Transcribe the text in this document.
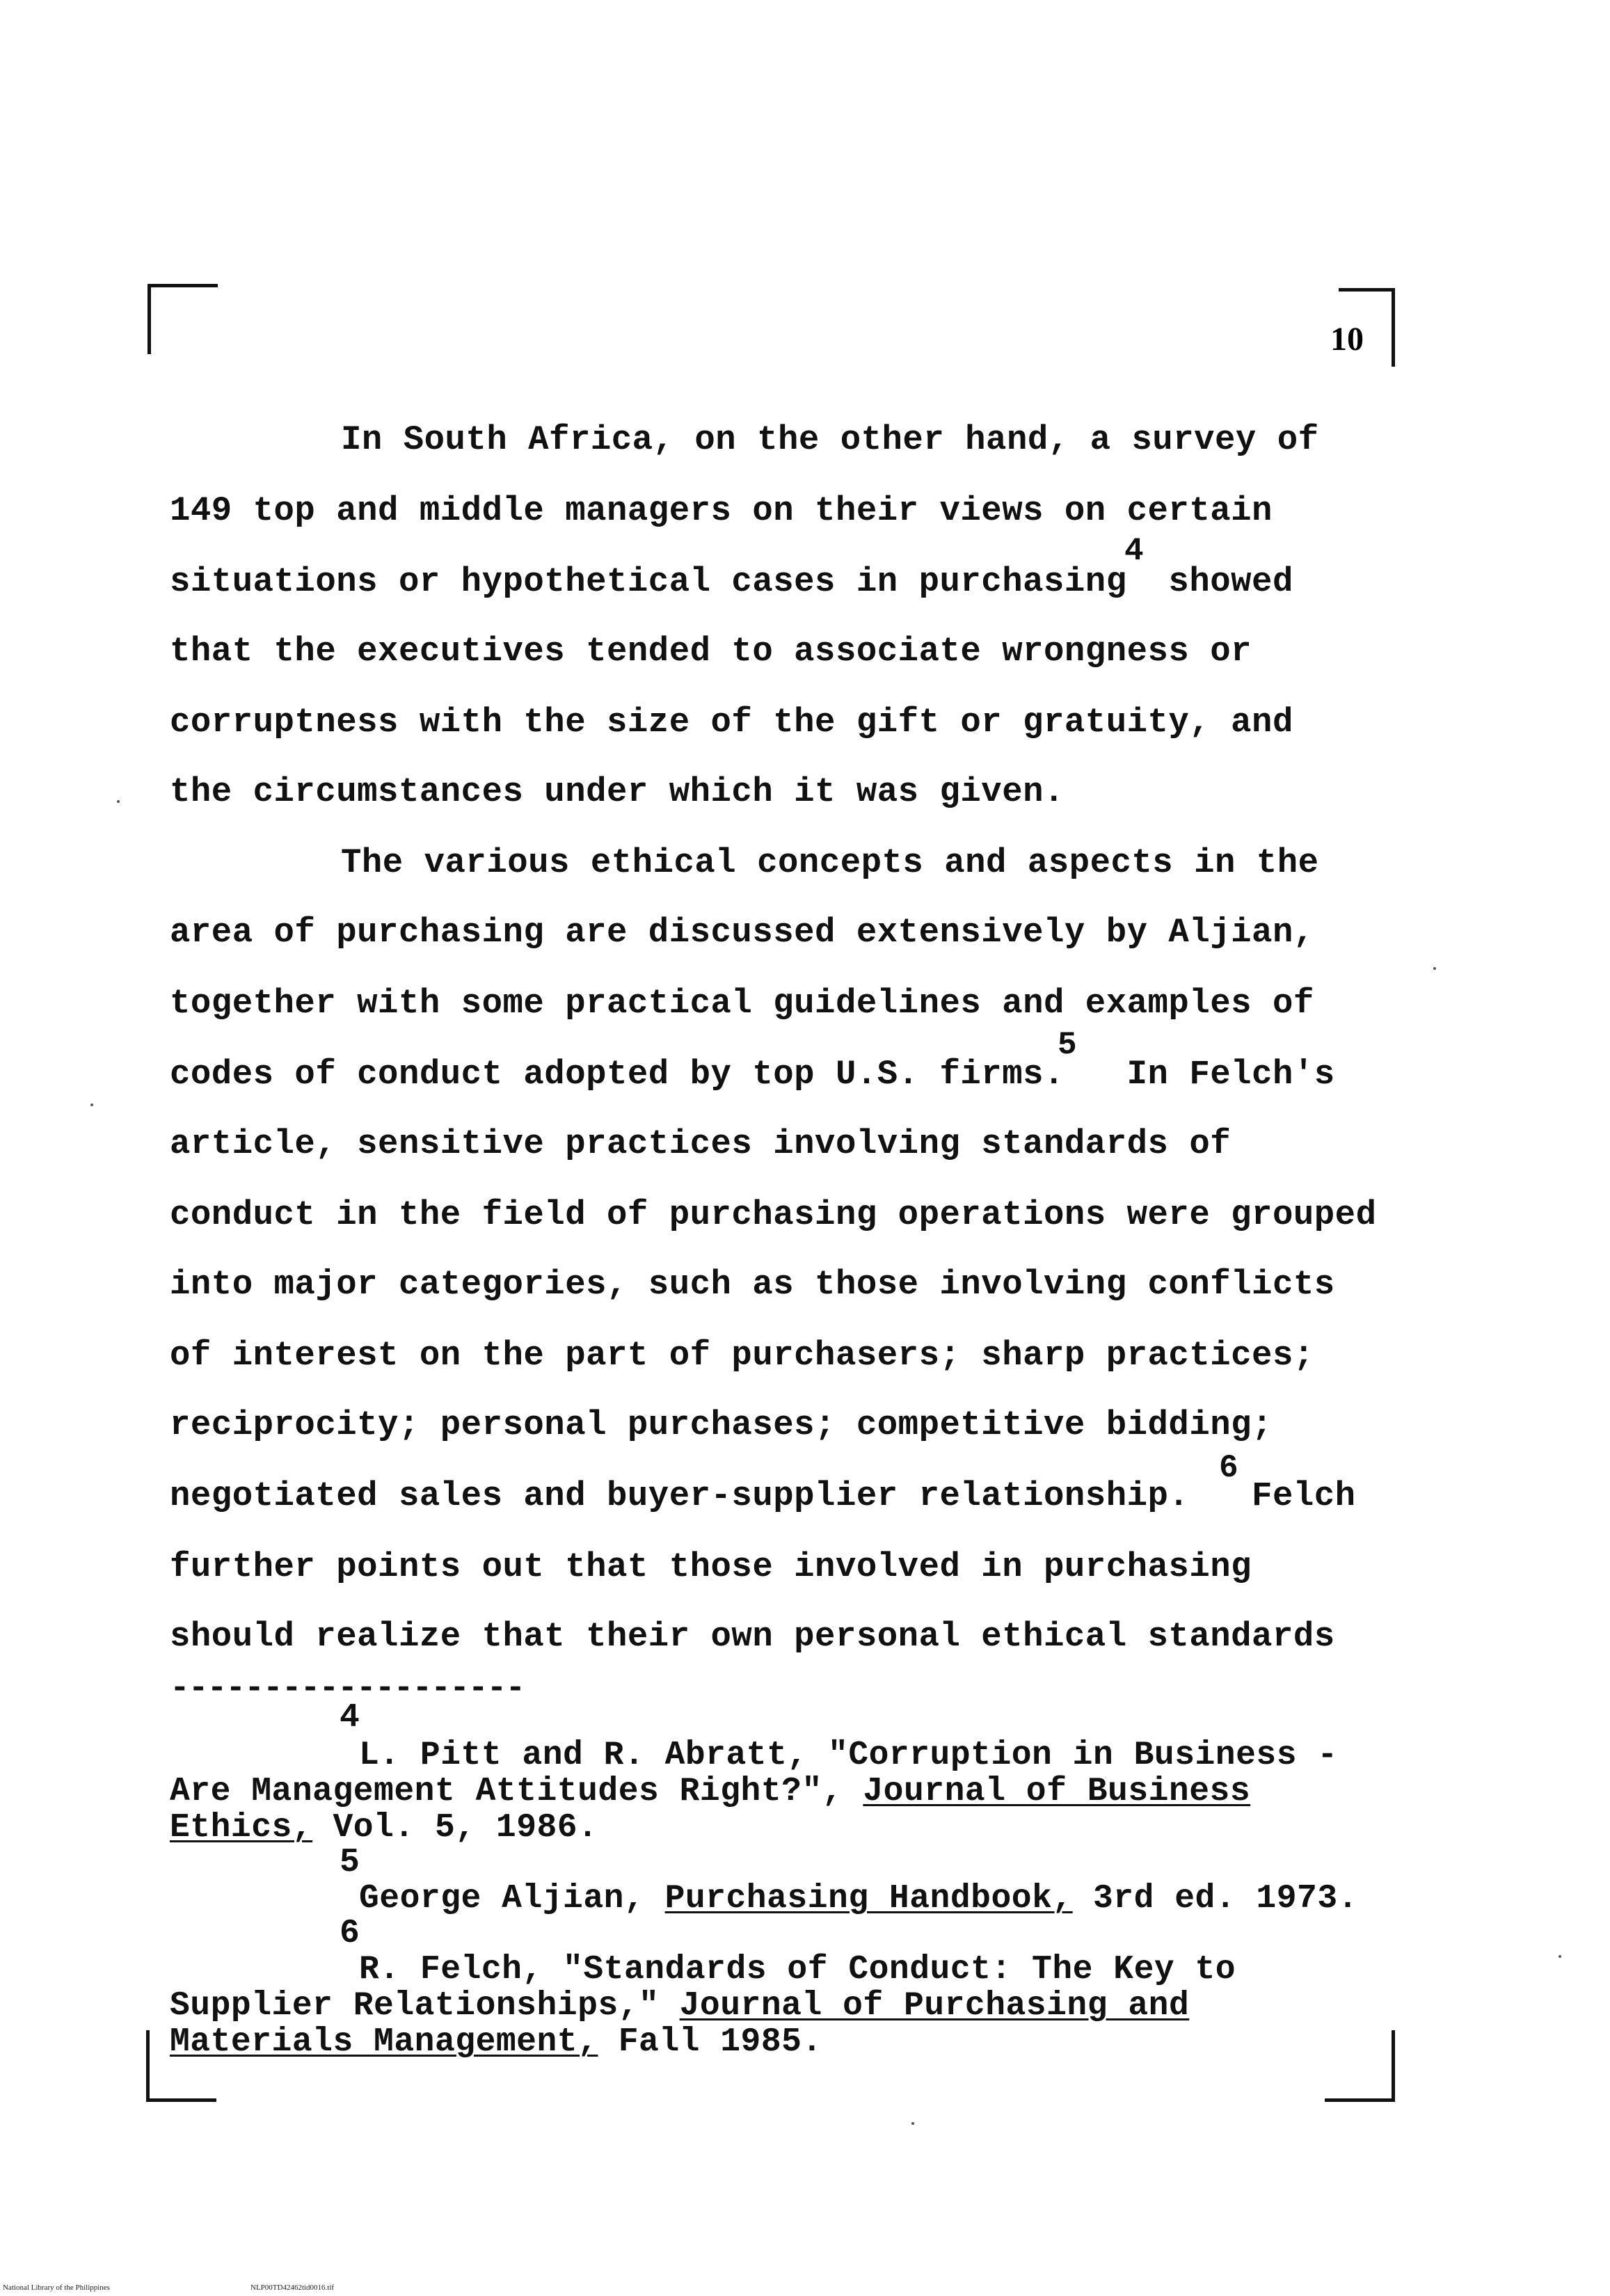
10
In South Africa, on the other hand, a survey of
149 top and middle managers on their views on certain
4
situations or hypothetical cases in purchasing  showed
that the executives tended to associate wrongness or
corruptness with the size of the gift or gratuity, and
the circumstances under which it was given.
The various ethical concepts and aspects in the
area of purchasing are discussed extensively by Aljian,
together with some practical guidelines and examples of
5
codes of conduct adopted by top U.S. firms.   In Felch's
article, sensitive practices involving standards of
conduct in the field of purchasing operations were grouped
into major categories, such as those involving conflicts
of interest on the part of purchasers; sharp practices;
reciprocity; personal purchases; competitive bidding;
6
negotiated sales and buyer-supplier relationship.   Felch
further points out that those involved in purchasing
should realize that their own personal ethical standards
-------------------
4
L. Pitt and R. Abratt, "Corruption in Business -
Are Management Attitudes Right?", Journal of Business
Ethics, Vol. 5, 1986.
5
George Aljian, Purchasing Handbook, 3rd ed. 1973.
6
R. Felch, "Standards of Conduct: The Key to
Supplier Relationships," Journal of Purchasing and
Materials Management, Fall 1985.
National Library of the Philippines	NLP00TD42462tid0016.tif
